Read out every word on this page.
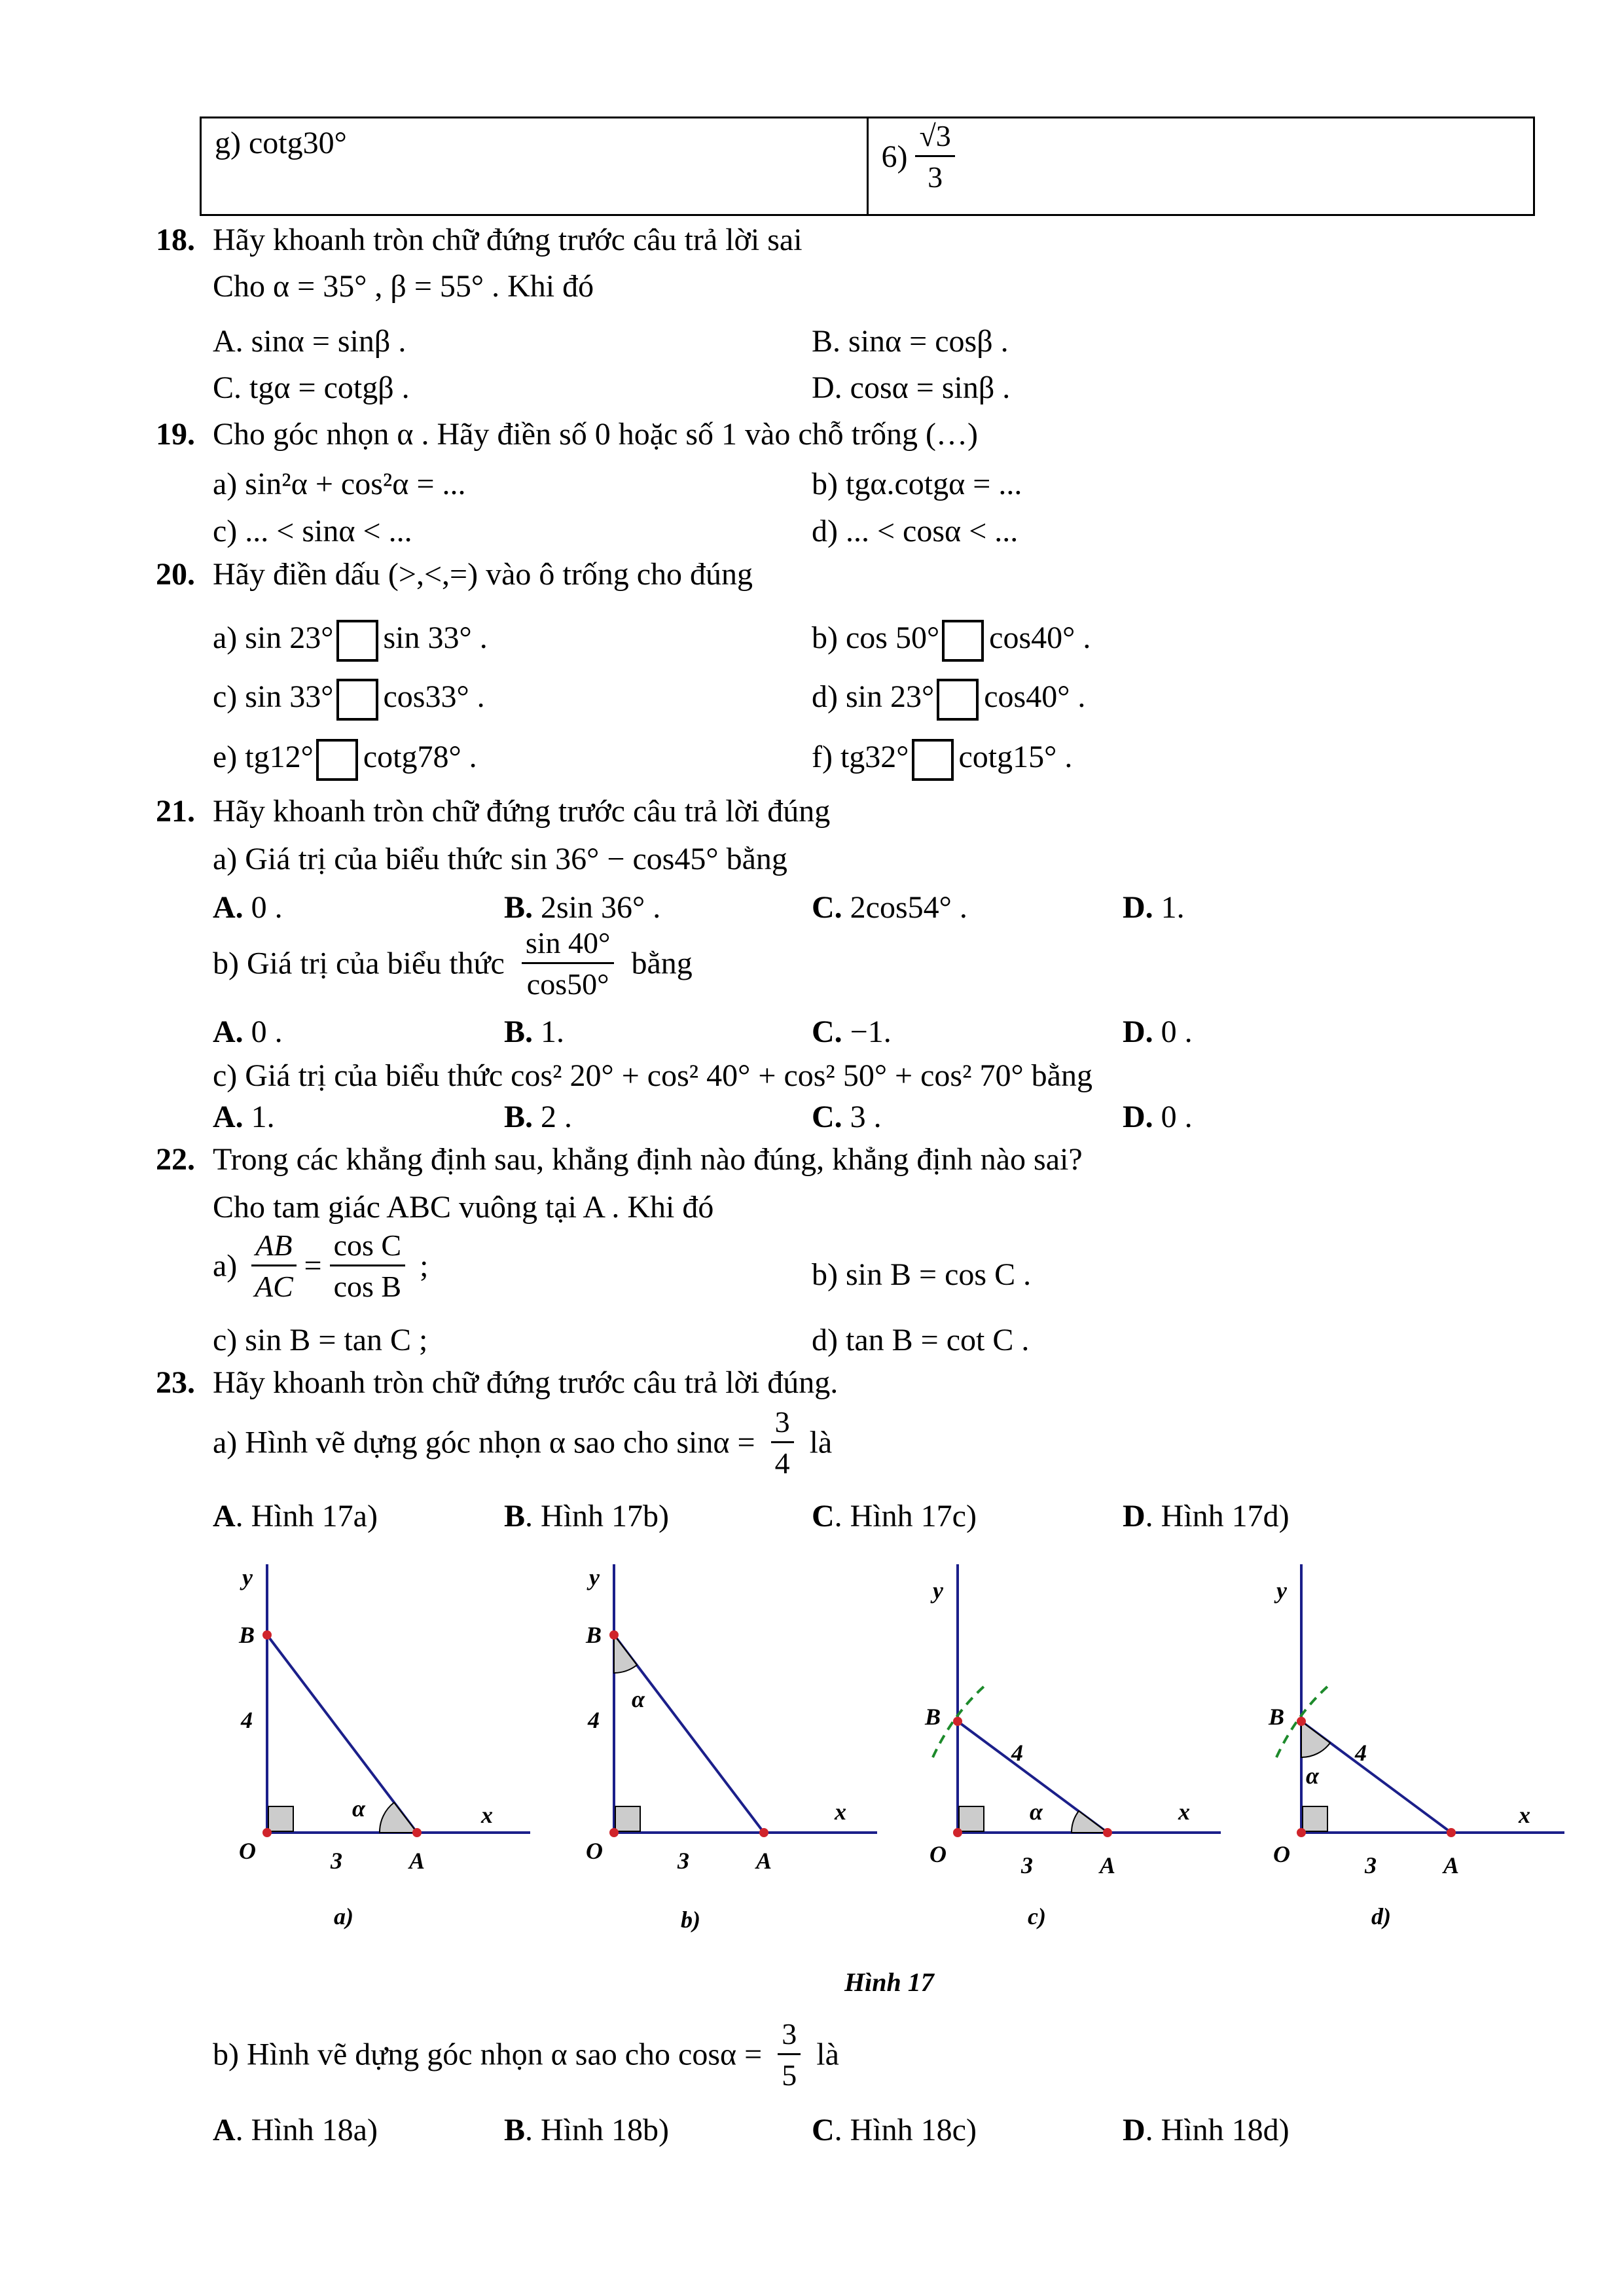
g) cotg30°	$6) \frac{√3}{3}$
18. Hãy khoanh tròn chữ đứng trước câu trả lời sai
Cho α = 35° , β = 55° . Khi đó
A. sinα = sinβ .	B. sinα = cosβ .
C. tgα = cotgβ .	D. cosα = sinβ .
19. Cho góc nhọn α . Hãy điền số 0 hoặc số 1 vào chỗ trống (…)
a) sin²α + cos²α = ...	b) tgα.cotgα = ...
c) ... < sinα < ...	d) ... < cosα < ...
20. Hãy điền dấu (>,<,=) vào ô trống cho đúng
a) sin 23° sin 33° .	b) cos 50° cos40° .
c) sin 33° cos33° .	d) sin 23° cos40° .
e) tg12° cotg78° .	f) tg32° cotg15° .
21. Hãy khoanh tròn chữ đứng trước câu trả lời đúng
a) Giá trị của biểu thức sin 36° − cos45° bằng
A. 0 .	B. 2sin 36° .	C. 2cos54° .	D. 1.
b) Giá trị của biểu thức $\frac{\sin 40^\circ}{\cos 50^\circ}$ bằng
A. 0 .	B. 1.	C. −1.	D. 0 .
c) Giá trị của biểu thức cos² 20° + cos² 40° + cos² 50° + cos² 70° bằng
A. 1.	B. 2 .	C. 3 .	D. 0 .
22. Trong các khẳng định sau, khẳng định nào đúng, khẳng định nào sai?
Cho tam giác ABC vuông tại A . Khi đó
$a) \frac{AB}{AC} = \frac{\text{cos C}}{\text{cos B}}$ ;	b) sin B = cos C .
c) sin B = tan C ;	d) tan B = cot C .
23. Hãy khoanh tròn chữ đứng trước câu trả lời đúng.
a) Hình vẽ dựng góc nhọn α sao cho $\sin\alpha = \frac{3}{4}$ là
A. Hình 17a)	B. Hình 17b)	C. Hình 17c)	D. Hình 17d)
y
B
4
α	x
O	3	A
a)
y
B
4
α
x
O	3	A
b)
y
B
4
α	x
O	3	A
c)
y
B
4
α
x
O	3	A
d)
Hình 17
b) Hình vẽ dựng góc nhọn α sao cho $\cos\alpha = \frac{3}{5}$ là
A. Hình 18a)	B. Hình 18b)	C. Hình 18c)	D. Hình 18d)
